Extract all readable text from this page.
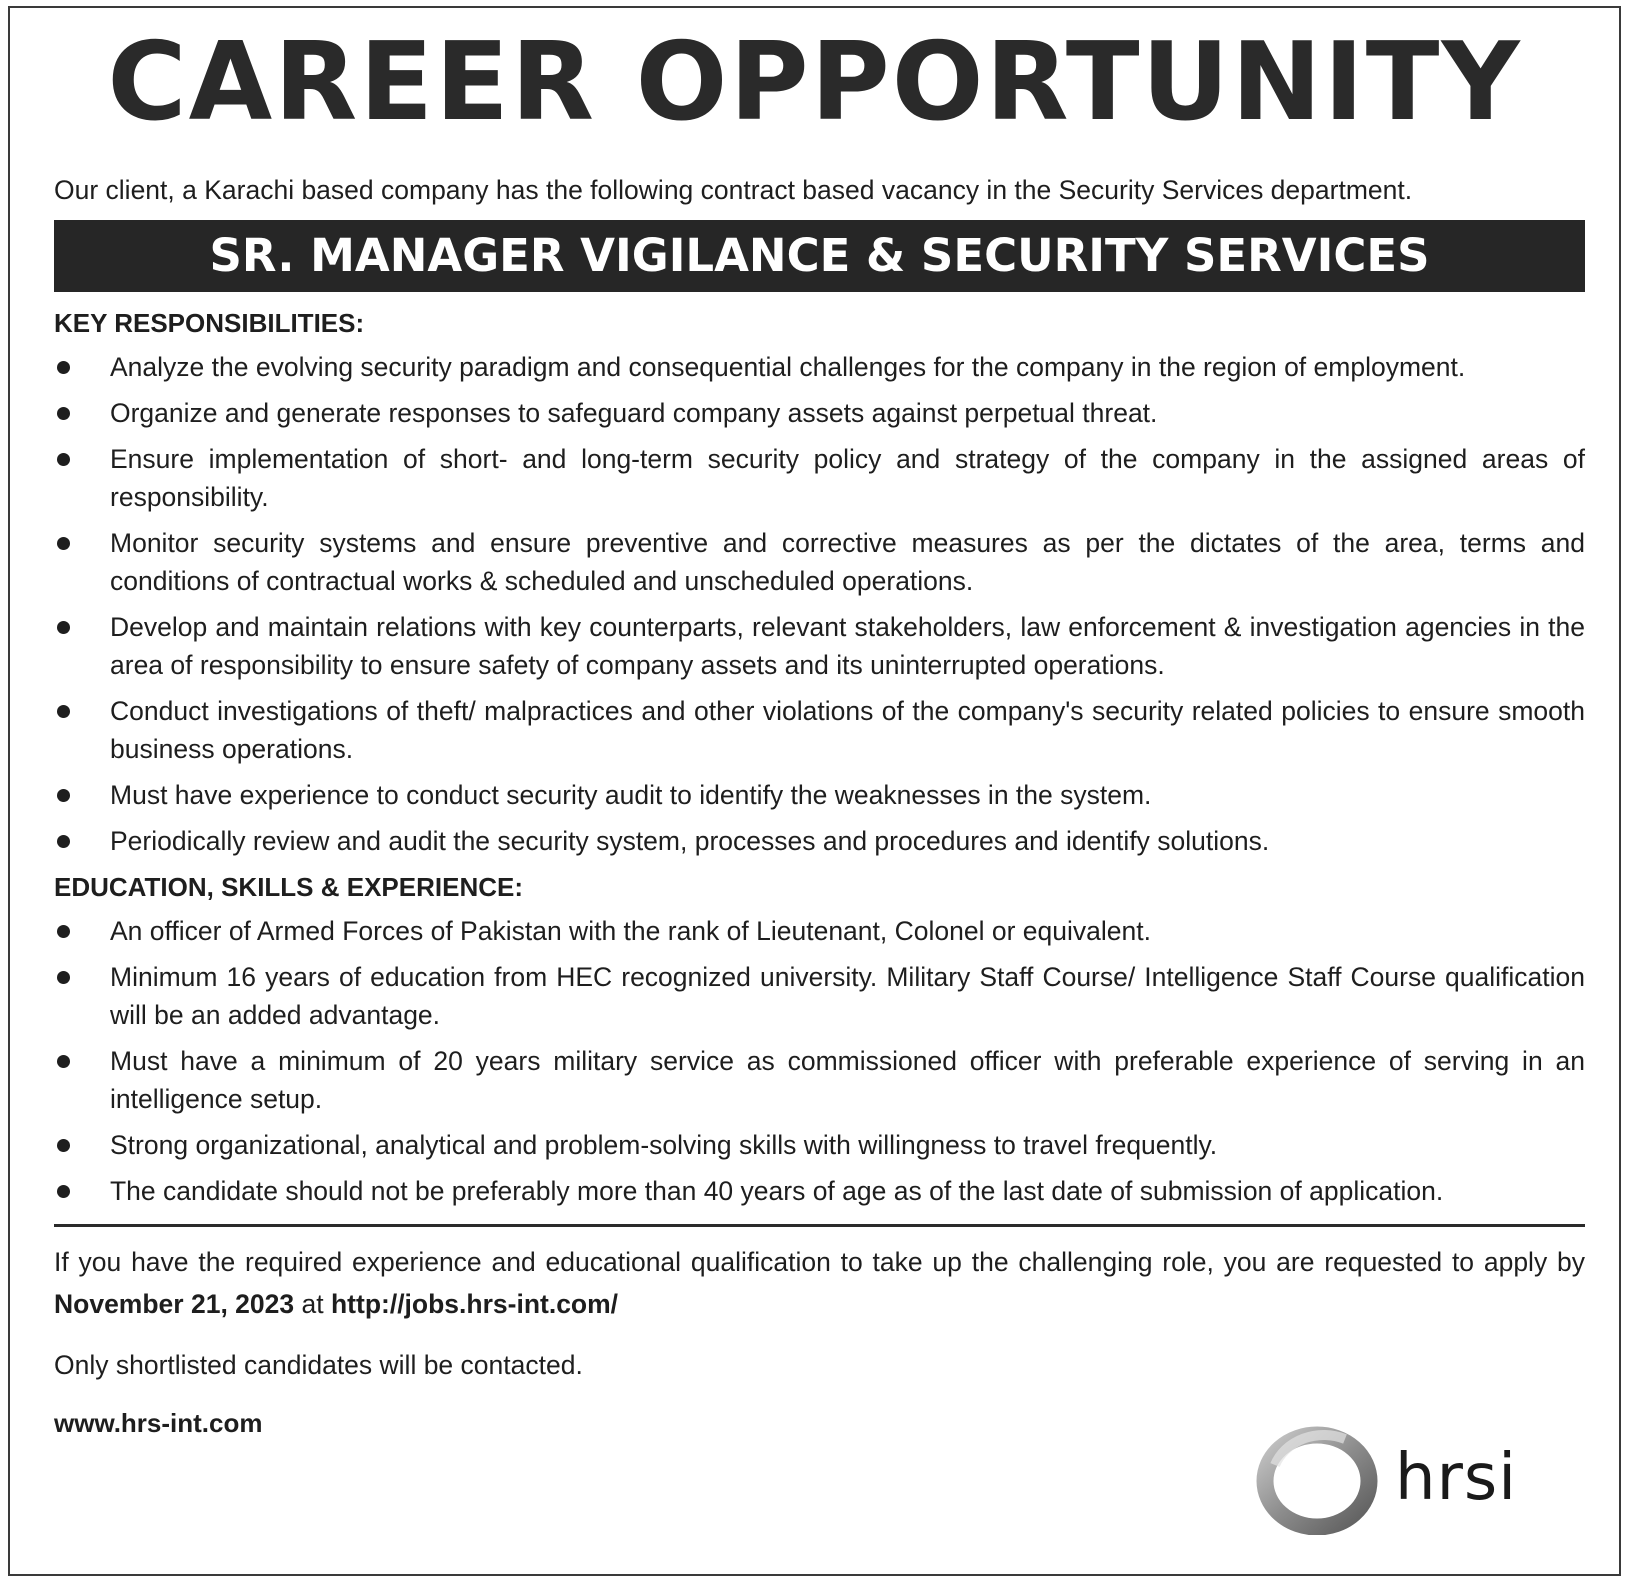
CAREER OPPORTUNITY
Our client, a Karachi based company has the following contract based vacancy in the Security Services department.
SR. MANAGER VIGILANCE & SECURITY SERVICES
KEY RESPONSIBILITIES:
Analyze the evolving security paradigm and consequential challenges for the company in the region of employment.
Organize and generate responses to safeguard company assets against perpetual threat.
Ensure implementation of short- and long-term security policy and strategy of the company in the assigned areas of responsibility.
Monitor security systems and ensure preventive and corrective measures as per the dictates of the area, terms and conditions of contractual works & scheduled and unscheduled operations.
Develop and maintain relations with key counterparts, relevant stakeholders, law enforcement & investigation agencies in the area of responsibility to ensure safety of company assets and its uninterrupted operations.
Conduct investigations of theft/ malpractices and other violations of the company's security related policies to ensure smooth business operations.
Must have experience to conduct security audit to identify the weaknesses in the system.
Periodically review and audit the security system, processes and procedures and identify solutions.
EDUCATION, SKILLS & EXPERIENCE:
An officer of Armed Forces of Pakistan with the rank of Lieutenant, Colonel or equivalent.
Minimum 16 years of education from HEC recognized university. Military Staff Course/ Intelligence Staff Course qualification will be an added advantage.
Must have a minimum of 20 years military service as commissioned officer with preferable experience of serving in an intelligence setup.
Strong organizational, analytical and problem-solving skills with willingness to travel frequently.
The candidate should not be preferably more than 40 years of age as of the last date of submission of application.

If you have the required experience and educational qualification to take up the challenging role, you are requested to apply by November 21, 2023 at http://jobs.hrs-int.com/

Only shortlisted candidates will be contacted.

www.hrs-int.com

hrsi
